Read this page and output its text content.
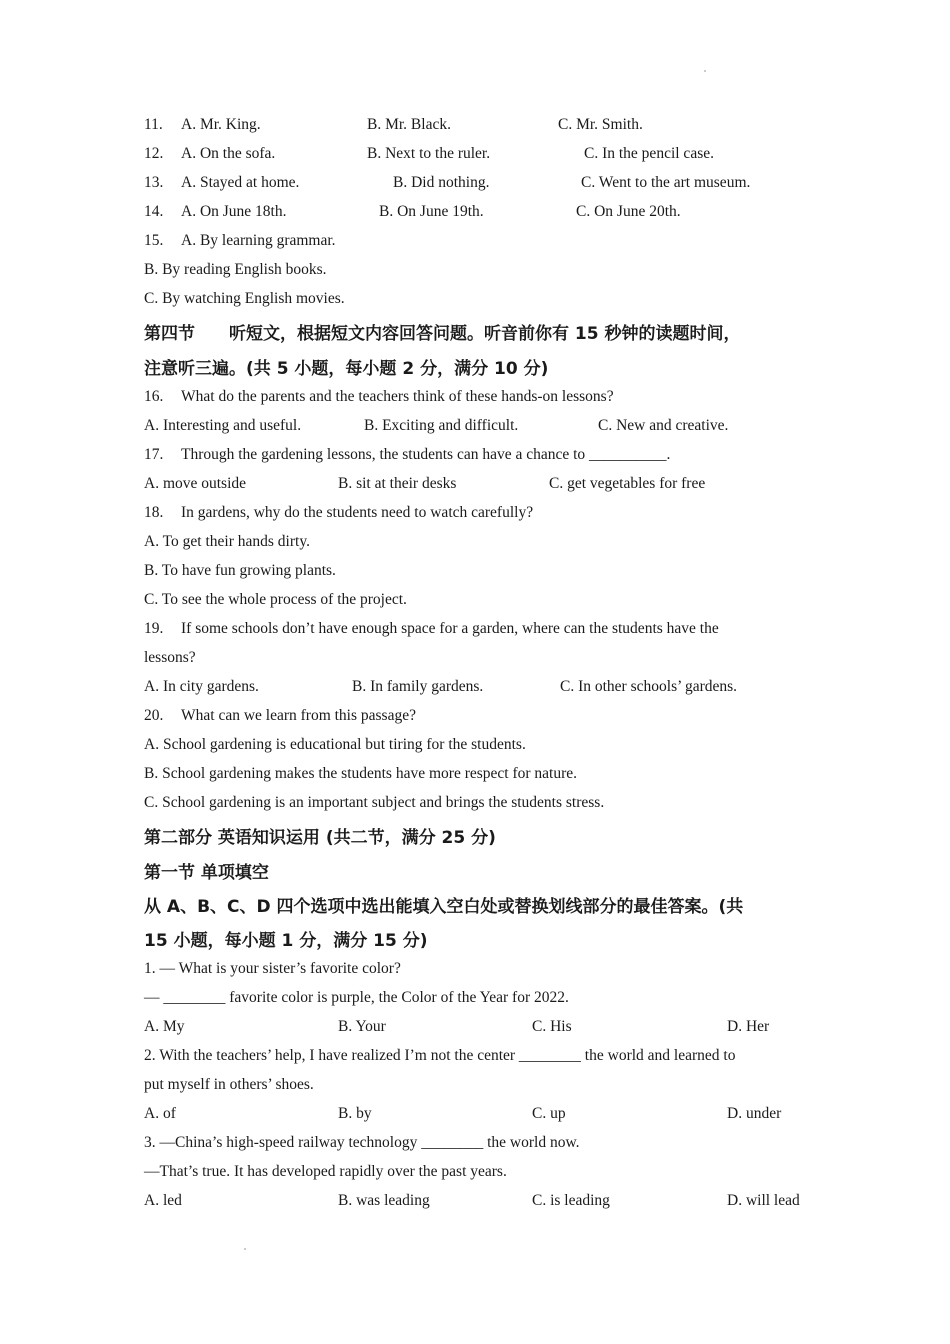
11. A. Mr. King.	B. Mr. Black.	C. Mr. Smith.
12. A. On the sofa.	B. Next to the ruler.	C. In the pencil case.
13. A. Stayed at home.	B. Did nothing.	C. Went to the art museum.
14. A. On June 18th.	B. On June 19th.	C. On June 20th.
15. A. By learning grammar.
B. By reading English books.
C. By watching English movies.
第四节　　听短文，根据短文内容回答问题。听音前你有 15 秒钟的读题时间，
注意听三遍。(共 5 小题，每小题 2 分，满分 10 分)
16. What do the parents and the teachers think of these hands-on lessons?
A. Interesting and useful.	B. Exciting and difficult.	C. New and creative.
17. Through the gardening lessons, the students can have a chance to __________.
A. move outside	B. sit at their desks	C. get vegetables for free
18. In gardens, why do the students need to watch carefully?
A. To get their hands dirty.
B. To have fun growing plants.
C. To see the whole process of the project.
19. If some schools don’t have enough space for a garden, where can the students have the
lessons?
A. In city gardens.	B. In family gardens.	C. In other schools’ gardens.
20. What can we learn from this passage?
A. School gardening is educational but tiring for the students.
B. School gardening makes the students have more respect for nature.
C. School gardening is an important subject and brings the students stress.
第二部分 英语知识运用 (共二节，满分 25 分)
第一节 单项填空
从 A、B、C、D 四个选项中选出能填入空白处或替换划线部分的最佳答案。(共
15 小题，每小题 1 分，满分 15 分)
1. — What is your sister’s favorite color?
— ________ favorite color is purple, the Color of the Year for 2022.
A. My	B. Your	C. His	D. Her
2. With the teachers’ help, I have realized I’m not the center ________ the world and learned to
put myself in others’ shoes.
A. of	B. by	C. up	D. under
3. —China’s high-speed railway technology ________ the world now.
—That’s true. It has developed rapidly over the past years.
A. led	B. was leading	C. is leading	D. will lead
